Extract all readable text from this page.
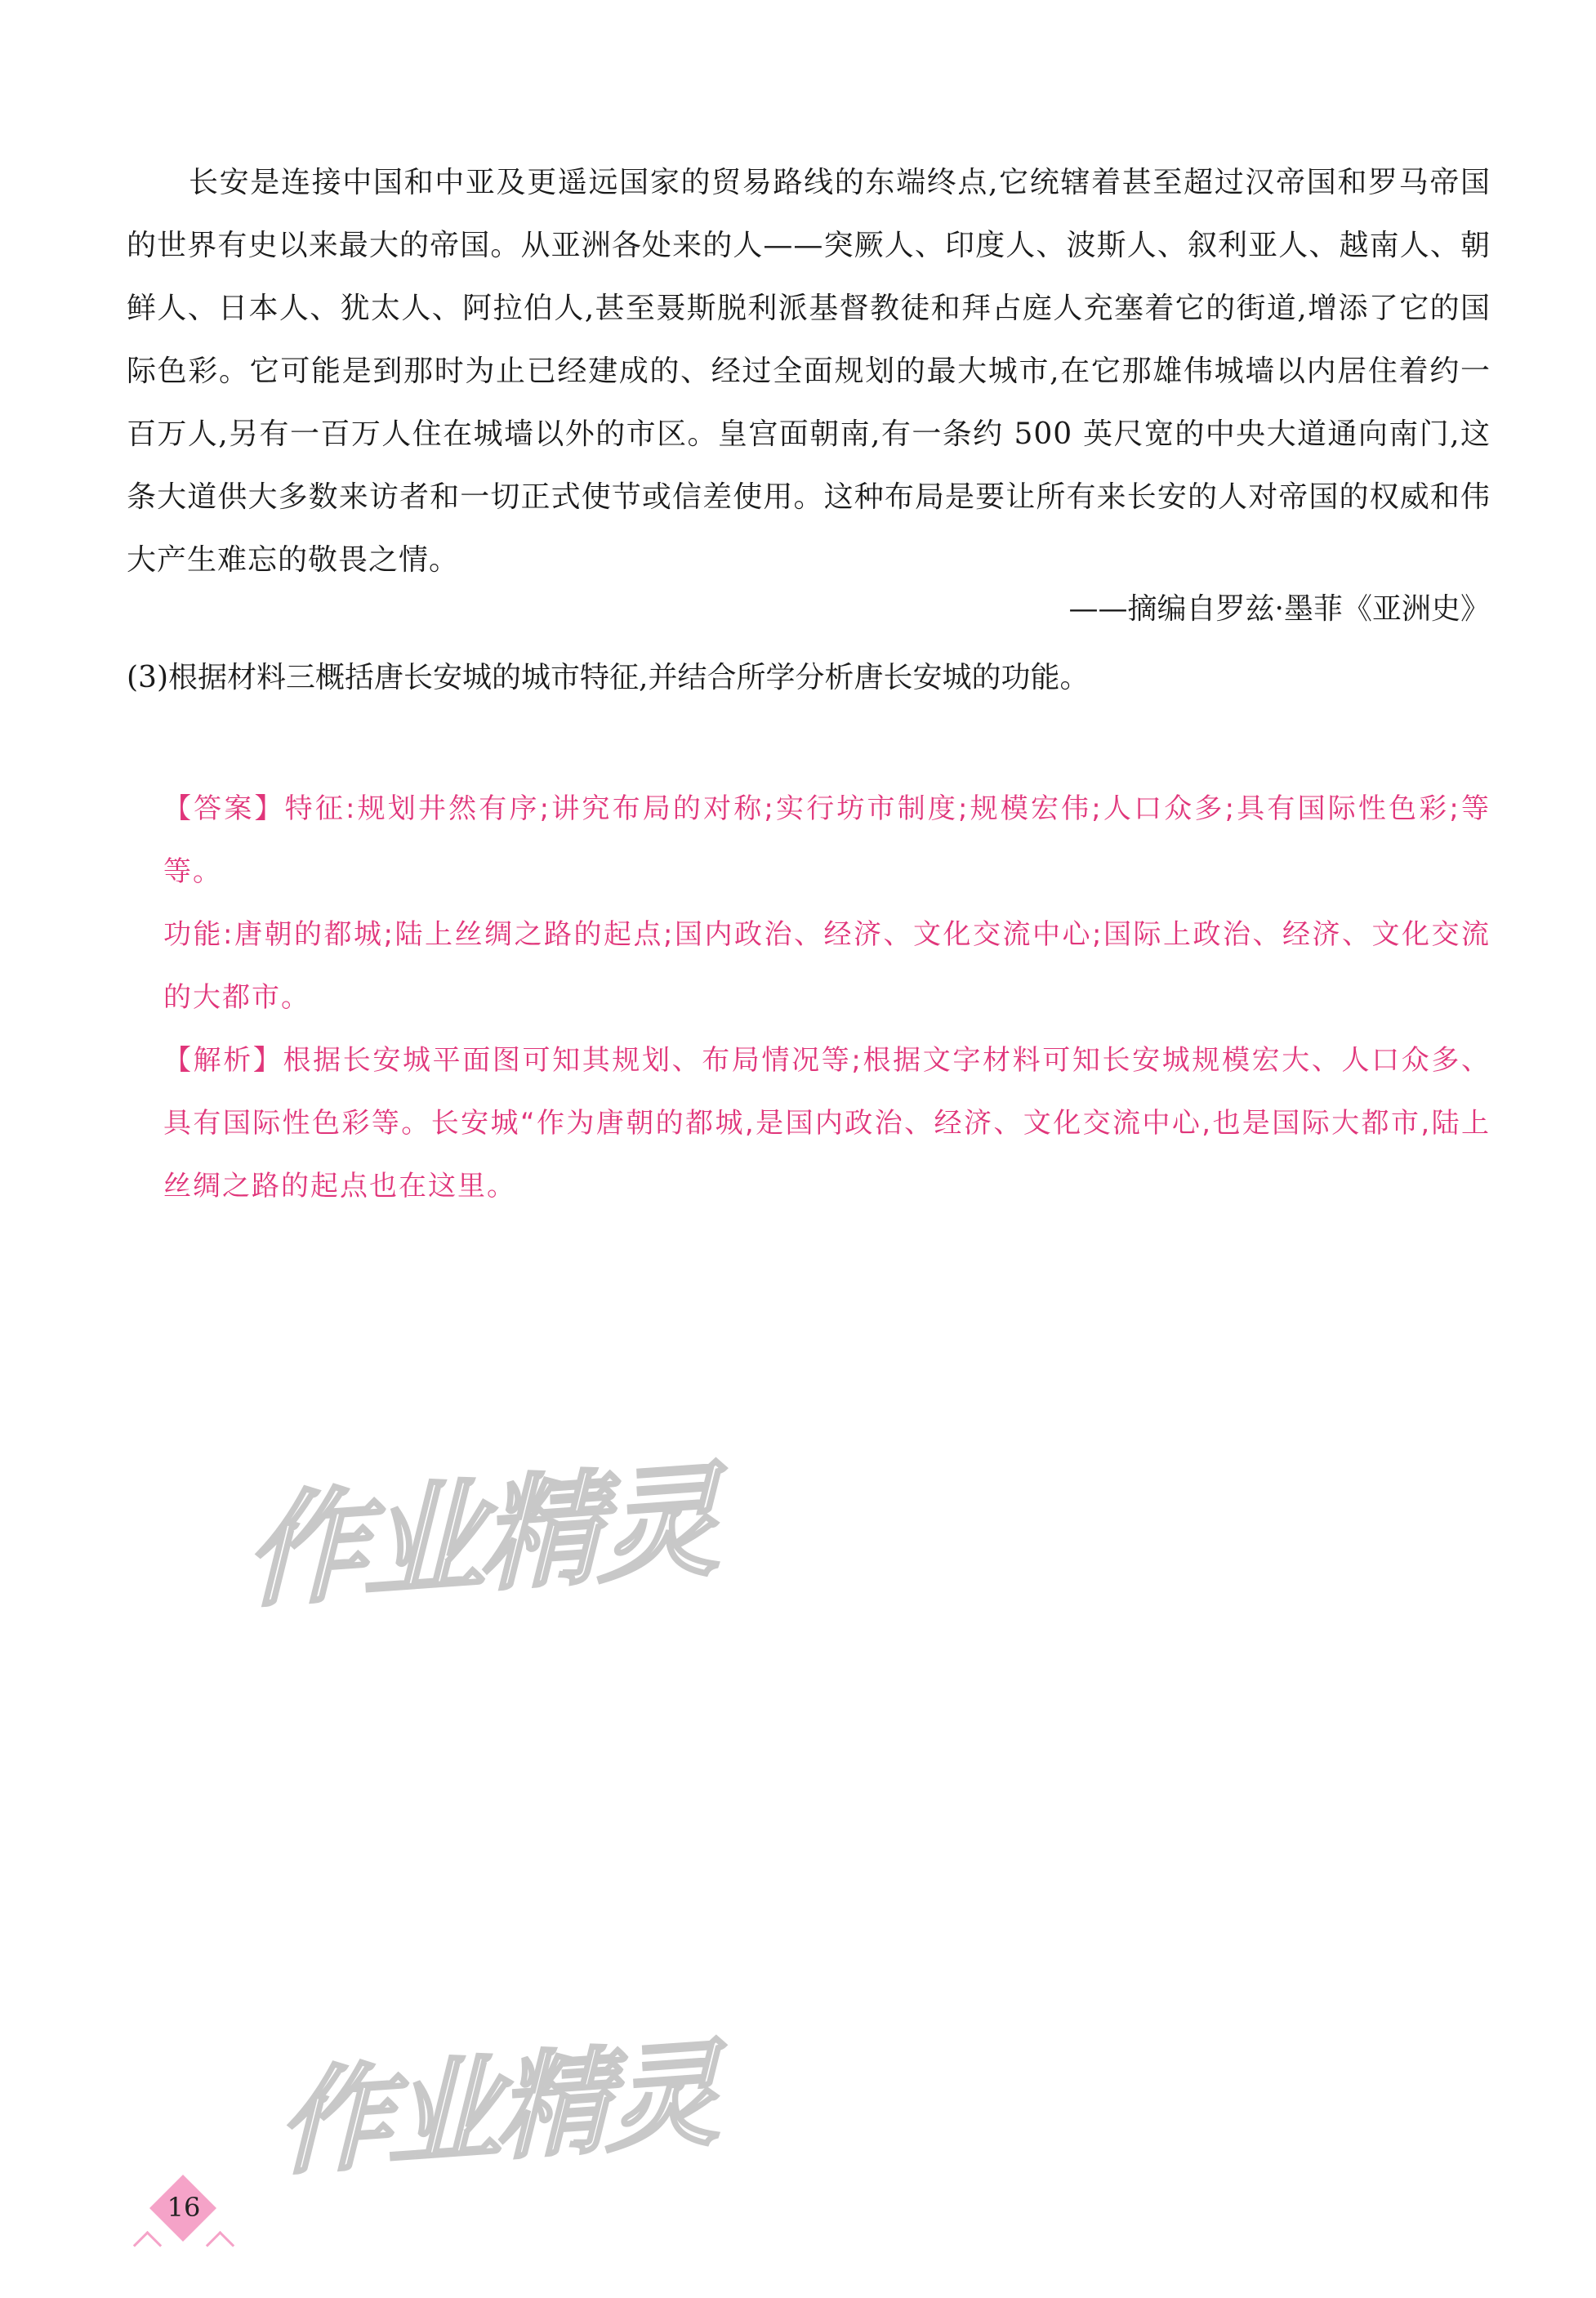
长安是连接中国和中亚及更遥远国家的贸易路线的东端终点,它统辖着甚至超过汉帝国和罗马帝国的世界有史以来最大的帝国。从亚洲各处来的人——突厥人、印度人、波斯人、叙利亚人、越南人、朝鲜人、日本人、犹太人、阿拉伯人,甚至聂斯脱利派基督教徒和拜占庭人充塞着它的街道,增添了它的国际色彩。它可能是到那时为止已经建成的、经过全面规划的最大城市,在它那雄伟城墙以内居住着约一百万人,另有一百万人住在城墙以外的市区。皇宫面朝南,有一条约 500 英尺宽的中央大道通向南门,这条大道供大多数来访者和一切正式使节或信差使用。这种布局是要让所有来长安的人对帝国的权威和伟大产生难忘的敬畏之情。

——摘编自罗兹·墨菲《亚洲史》

(3)根据材料三概括唐长安城的城市特征,并结合所学分析唐长安城的功能。

【答案】特征:规划井然有序;讲究布局的对称;实行坊市制度;规模宏伟;人口众多;具有国际性色彩;等等。

功能:唐朝的都城;陆上丝绸之路的起点;国内政治、经济、文化交流中心;国际上政治、经济、文化交流的大都市。

【解析】根据长安城平面图可知其规划、布局情况等;根据文字材料可知长安城规模宏大、人口众多、具有国际性色彩等。长安城“作为唐朝的都城,是国内政治、经济、文化交流中心,也是国际大都市,陆上丝绸之路的起点也在这里。

作业精灵
作业精灵
16
